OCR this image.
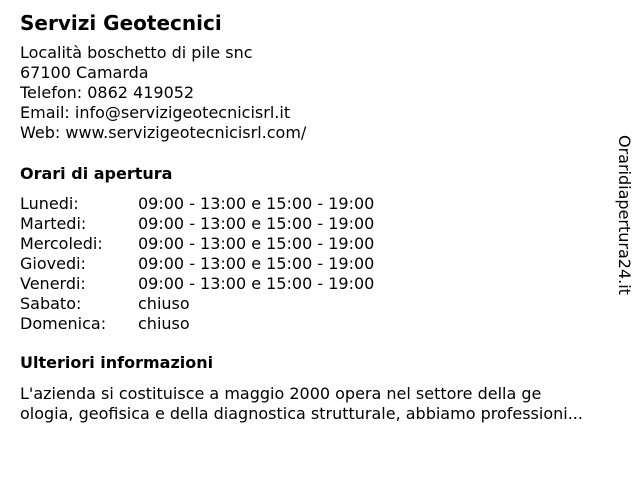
Servizi Geotecnici
Località boschetto di pile snc
67100 Camarda
Telefon: 0862 419052
Email: info@servizigeotecnicisrl.it
Web: www.servizigeotecnicisrl.com/
Orari di apertura
Lunedi:	09:00 - 13:00 e 15:00 - 19:00
Martedi:	09:00 - 13:00 e 15:00 - 19:00
Mercoledi: 09:00 - 13:00 e 15:00 - 19:00
Giovedi:	09:00 - 13:00 e 15:00 - 19:00
Venerdi:	09:00 - 13:00 e 15:00 - 19:00
Sabato:	chiuso
Domenica: chiuso
Ulteriori informazioni
L'azienda si costituisce a maggio 2000 opera nel settore della ge
ologia, geofisica e della diagnostica strutturale, abbiamo professioni...
Oraridiapertura24.it
